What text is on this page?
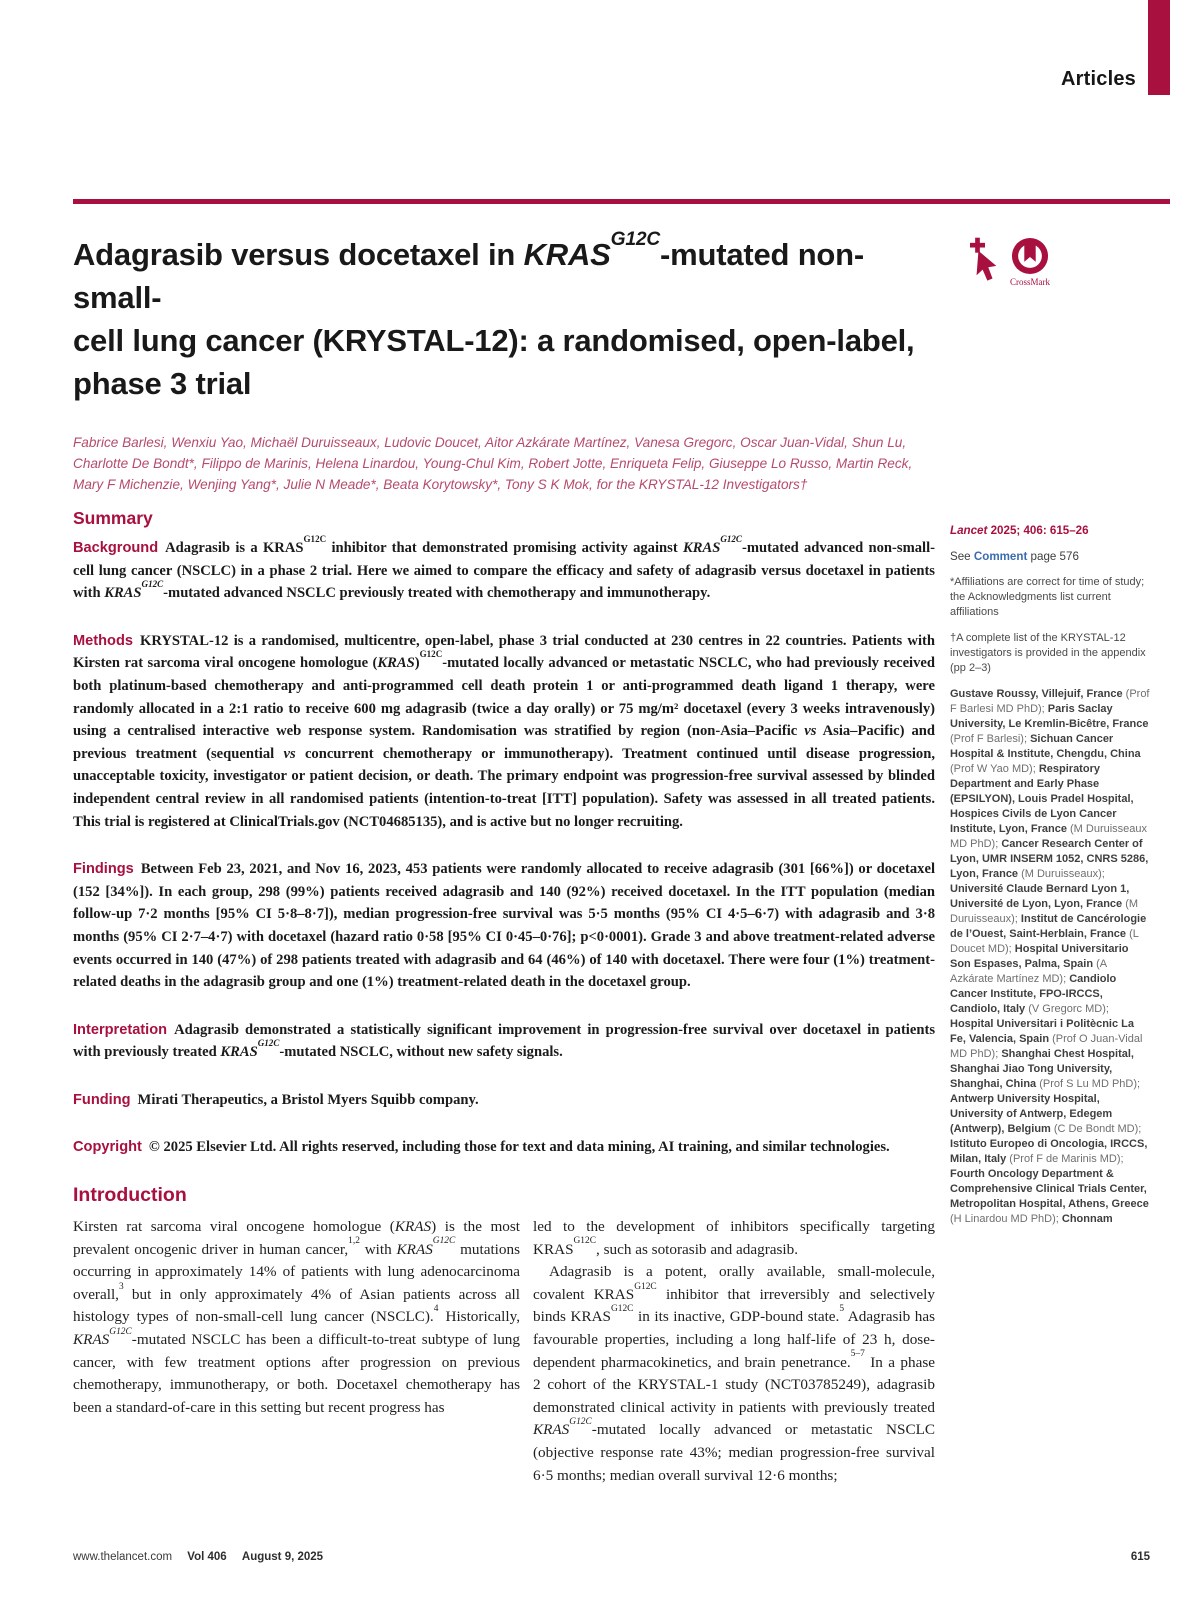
Articles
Adagrasib versus docetaxel in $KRAS^{G12C}$-mutated non-small-
cell lung cancer (KRYSTAL-12): a randomised, open-label,
phase 3 trial
Fabrice Barlesi, Wenxiu Yao, Michaël Duruisseaux, Ludovic Doucet, Aitor Azkárate Martínez, Vanesa Gregorc, Oscar Juan-Vidal, Shun Lu,
Charlotte De Bondt*, Filippo de Marinis, Helena Linardou, Young-Chul Kim, Robert Jotte, Enriqueta Felip, Giuseppe Lo Russo, Martin Reck,
Mary F Michenzie, Wenjing Yang*, Julie N Meade*, Beata Korytowsky*, Tony S K Mok, for the KRYSTAL-12 Investigators†
CrossMark
Summary

Background Adagrasib is a $KRAS^{G12C}$ inhibitor that demonstrated promising activity against $KRAS^{G12C}$-mutated advanced non-small-cell lung cancer (NSCLC) in a phase 2 trial. Here we aimed to compare the efficacy and safety of adagrasib versus docetaxel in patients with $KRAS^{G12C}$-mutated advanced NSCLC previously treated with chemotherapy and immunotherapy.

Methods KRYSTAL-12 is a randomised, multicentre, open-label, phase 3 trial conducted at 230 centres in 22 countries. Patients with Kirsten rat sarcoma viral oncogene homologue (KRAS)$^{G12C}$-mutated locally advanced or metastatic NSCLC, who had previously received both platinum-based chemotherapy and anti-programmed cell death protein 1 or anti-programmed death ligand 1 therapy, were randomly allocated in a 2:1 ratio to receive 600 mg adagrasib (twice a day orally) or 75 mg/m² docetaxel (every 3 weeks intravenously) using a centralised interactive web response system. Randomisation was stratified by region (non-Asia–Pacific vs Asia–Pacific) and previous treatment (sequential vs concurrent chemotherapy or immunotherapy). Treatment continued until disease progression, unacceptable toxicity, investigator or patient decision, or death. The primary endpoint was progression-free survival assessed by blinded independent central review in all randomised patients (intention-to-treat [ITT] population). Safety was assessed in all treated patients. This trial is registered at ClinicalTrials.gov (NCT04685135), and is active but no longer recruiting.

Findings Between Feb 23, 2021, and Nov 16, 2023, 453 patients were randomly allocated to receive adagrasib (301 [66%]) or docetaxel (152 [34%]). In each group, 298 (99%) patients received adagrasib and 140 (92%) received docetaxel. In the ITT population (median follow-up 7·2 months [95% CI 5·8–8·7]), median progression-free survival was 5·5 months (95% CI 4·5–6·7) with adagrasib and 3·8 months (95% CI 2·7–4·7) with docetaxel (hazard ratio 0·58 [95% CI 0·45–0·76]; p<0·0001). Grade 3 and above treatment-related adverse events occurred in 140 (47%) of 298 patients treated with adagrasib and 64 (46%) of 140 with docetaxel. There were four (1%) treatment-related deaths in the adagrasib group and one (1%) treatment-related death in the docetaxel group.

Interpretation Adagrasib demonstrated a statistically significant improvement in progression-free survival over docetaxel in patients with previously treated $KRAS^{G12C}$-mutated NSCLC, without new safety signals.

Funding Mirati Therapeutics, a Bristol Myers Squibb company.

Copyright © 2025 Elsevier Ltd. All rights reserved, including those for text and data mining, AI training, and similar technologies.

Introduction

Kirsten rat sarcoma viral oncogene homologue (KRAS) is the most prevalent oncogenic driver in human cancer,$^{1,2}$ with $KRAS^{G12C}$ mutations occurring in approximately 14% of patients with lung adenocarcinoma overall,$^3$ but in only approximately 4% of Asian patients across all histology types of non-small-cell lung cancer (NSCLC).$^4$ Historically, $KRAS^{G12C}$-mutated NSCLC has been a difficult-to-treat subtype of lung cancer, with few treatment options after progression on previous chemotherapy, immunotherapy, or both. Docetaxel chemotherapy has been a standard-of-care in this setting but recent progress has

led to the development of inhibitors specifically targeting $KRAS^{G12C}$, such as sotorasib and adagrasib.

Adagrasib is a potent, orally available, small-molecule, covalent $KRAS^{G12C}$ inhibitor that irreversibly and selectively binds $KRAS^{G12C}$ in its inactive, GDP-bound state.$^5$ Adagrasib has favourable properties, including a long half-life of 23 h, dose-dependent pharmacokinetics, and brain penetrance.$^{5-7}$ In a phase 2 cohort of the KRYSTAL-1 study (NCT03785249), adagrasib demonstrated clinical activity in patients with previously treated $KRAS^{G12C}$-mutated locally advanced or metastatic NSCLC (objective response rate 43%; median progression-free survival 6·5 months; median overall survival 12·6 months;

Lancet 2025; 406: 615–26
See Comment page 576
*Affiliations are correct for time of study; the Acknowledgments list current affiliations
†A complete list of the KRYSTAL-12 investigators is provided in the appendix (pp 2–3)
Gustave Roussy, Villejuif, France (Prof F Barlesi MD PhD); Paris Saclay University, Le Kremlin-Bicêtre, France (Prof F Barlesi); Sichuan Cancer Hospital & Institute, Chengdu, China (Prof W Yao MD); Respiratory Department and Early Phase (EPSILYON), Louis Pradel Hospital, Hospices Civils de Lyon Cancer Institute, Lyon, France (M Duruisseaux MD PhD); Cancer Research Center of Lyon, UMR INSERM 1052, CNRS 5286, Lyon, France (M Duruisseaux); Université Claude Bernard Lyon 1, Université de Lyon, Lyon, France (M Duruisseaux); Institut de Cancérologie de l’Ouest, Saint-Herblain, France (L Doucet MD); Hospital Universitario Son Espases, Palma, Spain (A Azkárate Martínez MD); Candiolo Cancer Institute, FPO-IRCCS, Candiolo, Italy (V Gregorc MD); Hospital Universitari i Politècnic La Fe, Valencia, Spain (Prof O Juan-Vidal MD PhD); Shanghai Chest Hospital, Shanghai Jiao Tong University, Shanghai, China (Prof S Lu MD PhD); Antwerp University Hospital, University of Antwerp, Edegem (Antwerp), Belgium (C De Bondt MD); Istituto Europeo di Oncologia, IRCCS, Milan, Italy (Prof F de Marinis MD); Fourth Oncology Department & Comprehensive Clinical Trials Center, Metropolitan Hospital, Athens, Greece (H Linardou MD PhD); Chonnam
www.thelancet.com Vol 406 August 9, 2025	615
